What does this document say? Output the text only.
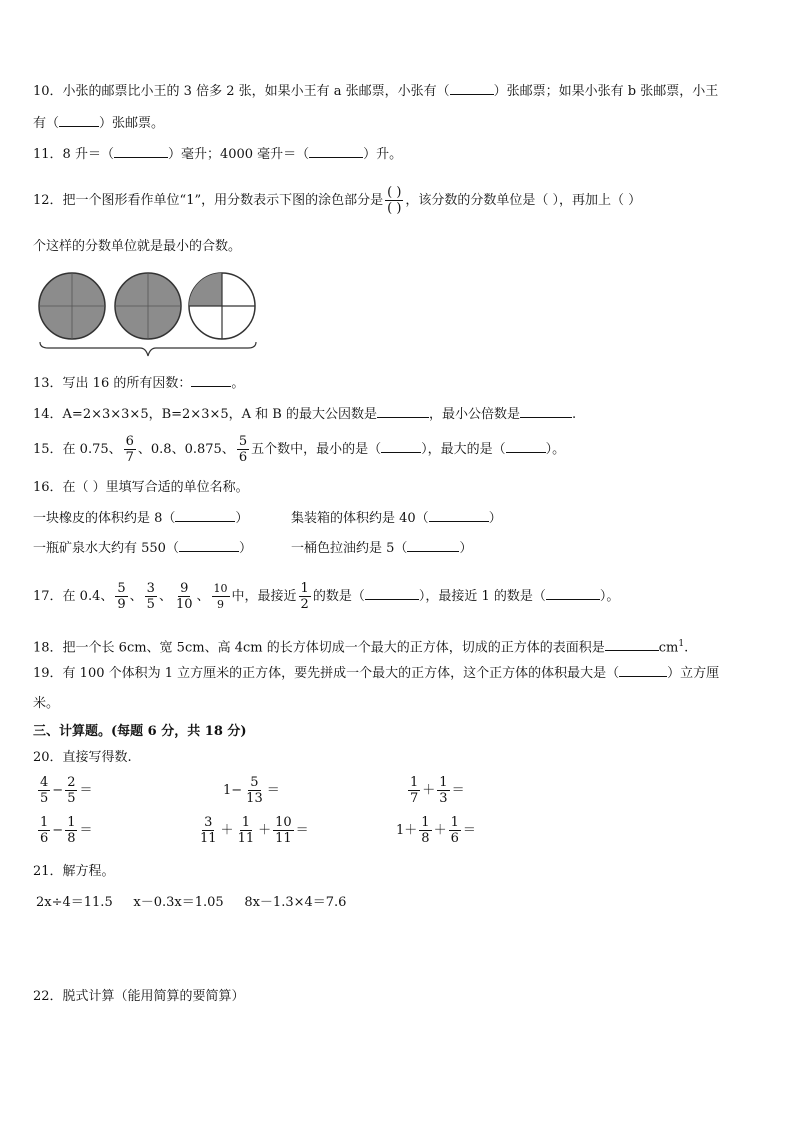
10．小张的邮票比小王的 3 倍多 2 张，如果小王有 a 张邮票，小张有（	）张邮票；如果小张有 b 张邮票，小王
有（	）张邮票。
11．8 升＝（	）毫升；4000 毫升＝（	）升。
12．把一个图形看作单位“1”，用分数表示下图的涂色部分是 $\frac{( )}{( )}$ ，该分数的分数单位是（ ），再加上（ ）
个这样的分数单位就是最小的合数。
13．写出 16 的所有因数：	。
14．A=2×3×3×5，B=2×3×5，A 和 B 的最大公因数是	，最小公倍数是	.
15．在 0.75、 $\frac{6}{7}$ 、0.8、0.875、 $\frac{5}{6}$ 五个数中，最小的是（	），最大的是（	）。
16．在（ ）里填写合适的单位名称。
一块橡皮的体积约是 8（	）	集装箱的体积约是 40（	）
一瓶矿泉水大约有 550（	）	一桶色拉油约是 5（	）
17．在 0.4、 $\frac{5}{9}$ 、 $\frac{3}{5}$ 、 $\frac{9}{10}$ 、 $\frac{10}{9}$ 中，最接近 $\frac{1}{2}$ 的数是（	），最接近 1 的数是（	）。
18．把一个长 6cm、宽 5cm、高 4cm 的长方体切成一个最大的正方体，切成的正方体的表面积是	$cm^1$.
19．有 100 个体积为 1 立方厘米的正方体，要先拼成一个最大的正方体，这个正方体的体积最大是（	）立方厘
米。
三、计算题。(每题 6 分，共 18 分)
20．直接写得数.
$\frac{4}{5} - \frac{2}{5}$ ＝	$1- \frac{5}{13}$ ＝	$\frac{1}{7} + \frac{1}{3}$ ＝
$\frac{1}{6} - \frac{1}{8}$ ＝	$\frac{3}{11} + \frac{1}{11} + \frac{10}{11}$ ＝	$1+ \frac{1}{8} + \frac{1}{6}$ ＝
21．解方程。
2x÷4＝11.5     x－0.3x＝1.05     8x－1.3×4＝7.6
22．脱式计算（能用简算的要简算）
